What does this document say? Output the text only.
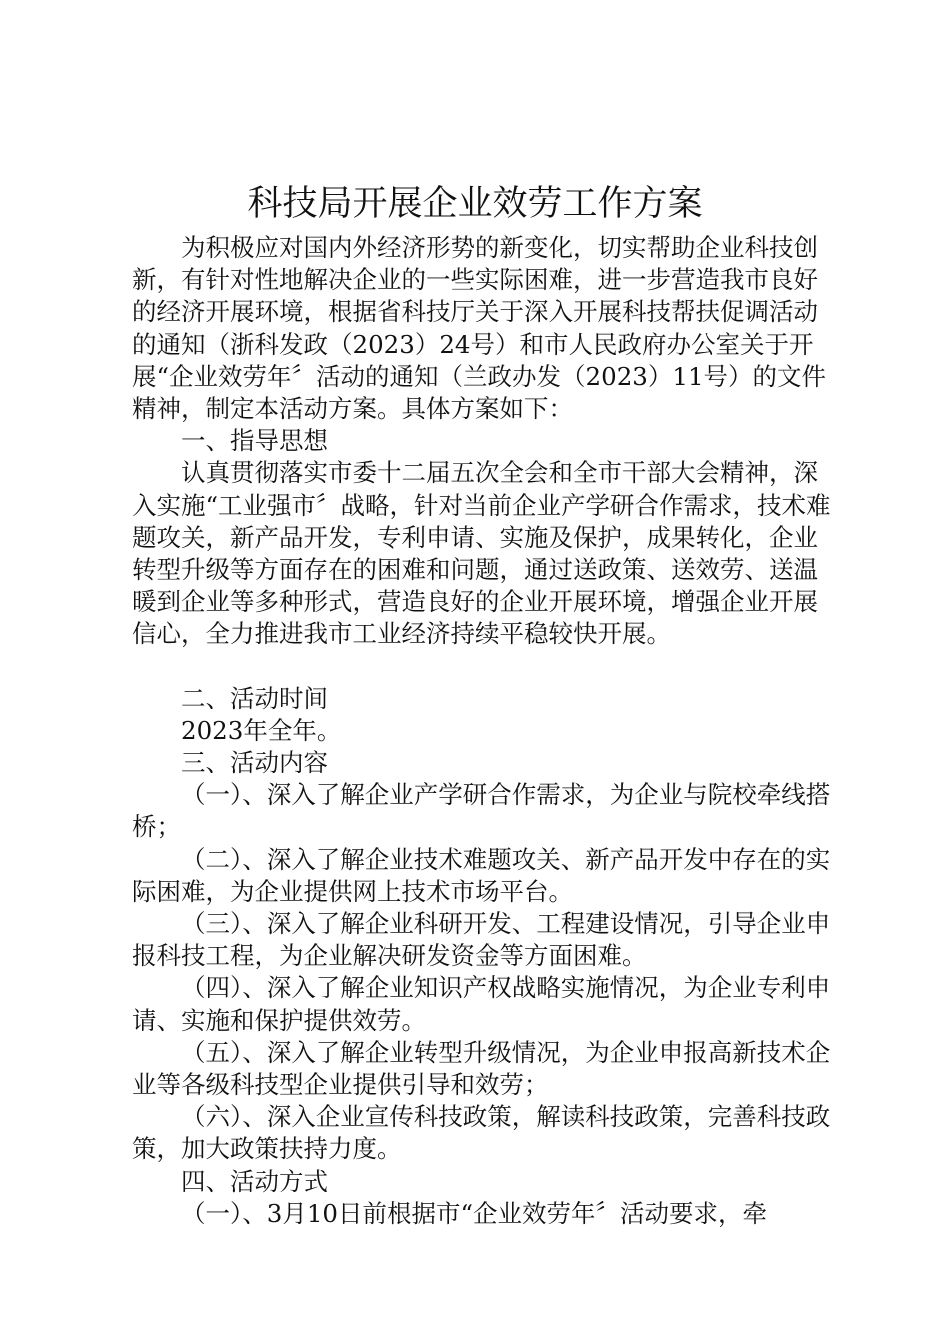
科技局开展企业效劳工作方案

为积极应对国内外经济形势的新变化，切实帮助企业科技创新，有针对性地解决企业的一些实际困难，进一步营造我市良好的经济开展环境，根据省科技厅关于深入开展科技帮扶促调活动的通知（浙科发政（2023）24号）和市人民政府办公室关于开展“企业效劳年〞活动的通知（兰政办发（2023）11号）的文件精神，制定本活动方案。具体方案如下：

一、指导思想

认真贯彻落实市委十二届五次全会和全市干部大会精神，深入实施“工业强市〞战略，针对当前企业产学研合作需求，技术难题攻关，新产品开发，专利申请、实施及保护，成果转化，企业转型升级等方面存在的困难和问题，通过送政策、送效劳、送温暖到企业等多种形式，营造良好的企业开展环境，增强企业开展信心，全力推进我市工业经济持续平稳较快开展。

二、活动时间

2023年全年。

三、活动内容

（一）、深入了解企业产学研合作需求，为企业与院校牵线搭桥；

（二）、深入了解企业技术难题攻关、新产品开发中存在的实际困难，为企业提供网上技术市场平台。

（三）、深入了解企业科研开发、工程建设情况，引导企业申报科技工程，为企业解决研发资金等方面困难。

（四）、深入了解企业知识产权战略实施情况，为企业专利申请、实施和保护提供效劳。

（五）、深入了解企业转型升级情况，为企业申报高新技术企业等各级科技型企业提供引导和效劳；

（六）、深入企业宣传科技政策，解读科技政策，完善科技政策，加大政策扶持力度。

四、活动方式

（一）、3月10日前根据市“企业效劳年〞活动要求，牵
